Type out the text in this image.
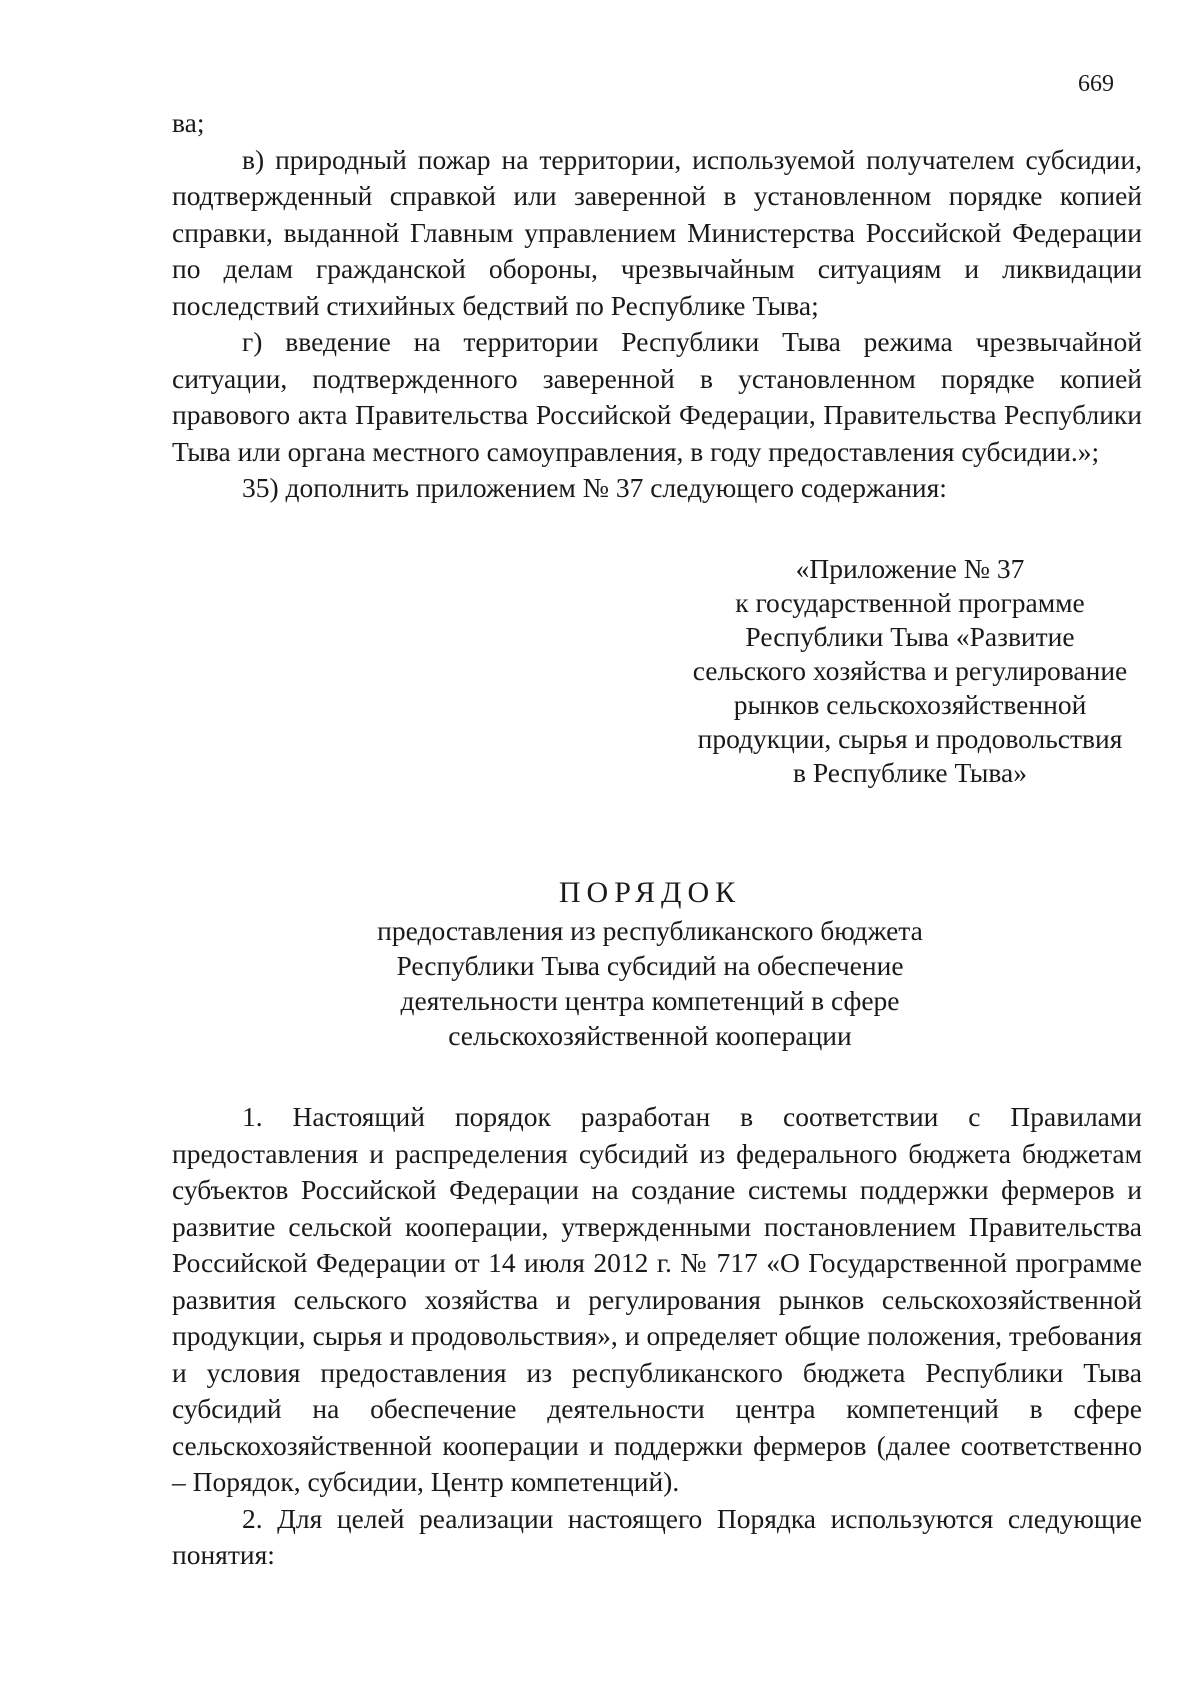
669

ва;

в) природный пожар на территории, используемой получателем субсидии, подтвержденный справкой или заверенной в установленном порядке копией справки, выданной Главным управлением Министерства Российской Федерации по делам гражданской обороны, чрезвычайным ситуациям и ликвидации последствий стихийных бедствий по Республике Тыва;

г) введение на территории Республики Тыва режима чрезвычайной ситуации, подтвержденного заверенной в установленном порядке копией правового акта Правительства Российской Федерации, Правительства Республики Тыва или органа местного самоуправления, в году предоставления субсидии.»;

35) дополнить приложением № 37 следующего содержания:

«Приложение № 37
к государственной программе
Республики Тыва «Развитие
сельского хозяйства и регулирование
рынков сельскохозяйственной
продукции, сырья и продовольствия
в Республике Тыва»
ПОРЯДОК
предоставления из республиканского бюджета
Республики Тыва субсидий на обеспечение
деятельности центра компетенций в сфере
сельскохозяйственной кооперации

1. Настоящий порядок разработан в соответствии с Правилами предоставления и распределения субсидий из федерального бюджета бюджетам субъектов Российской Федерации на создание системы поддержки фермеров и развитие сельской кооперации, утвержденными постановлением Правительства Российской Федерации от 14 июля 2012 г. № 717 «О Государственной программе развития сельского хозяйства и регулирования рынков сельскохозяйственной продукции, сырья и продовольствия», и определяет общие положения, требования и условия предоставления из республиканского бюджета Республики Тыва субсидий на обеспечение деятельности центра компетенций в сфере сельскохозяйственной кооперации и поддержки фермеров (далее соответственно – Порядок, субсидии, Центр компетенций).

2. Для целей реализации настоящего Порядка используются следующие понятия:
